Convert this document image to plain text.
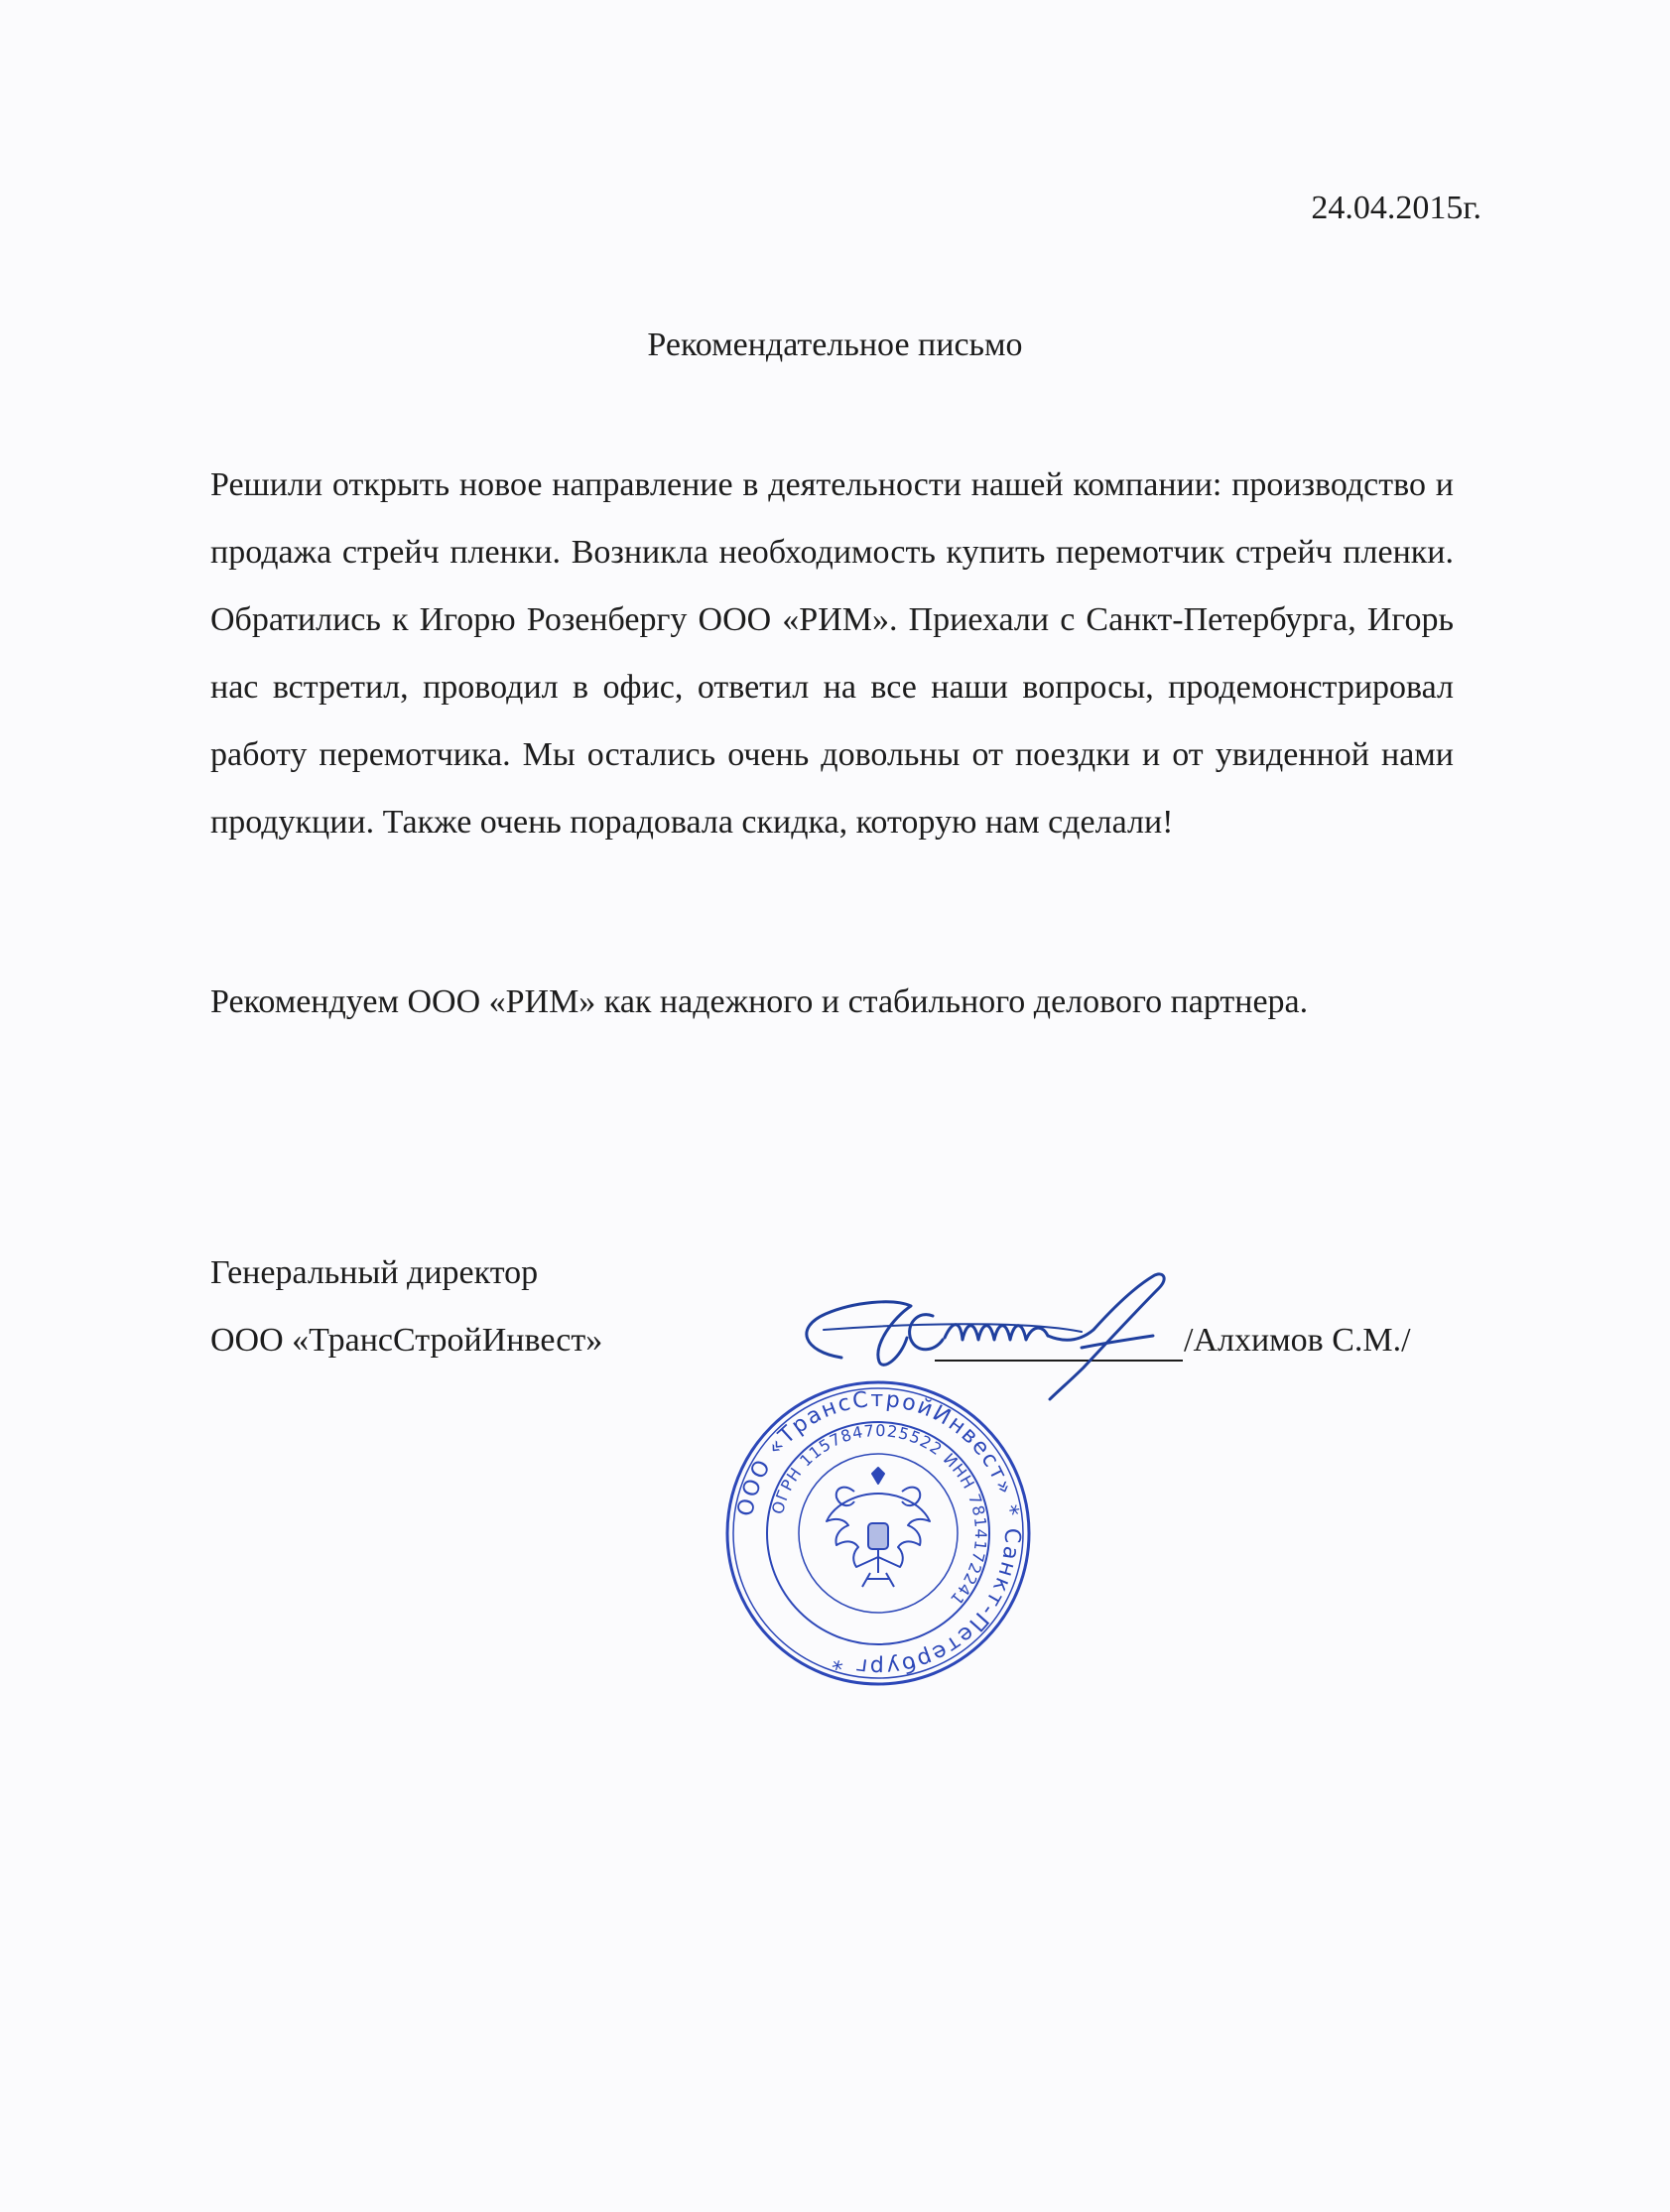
24.04.2015г.
Рекомендательное письмо

Решили открыть новое направление в деятельности нашей компании: производство и продажа стрейч пленки. Возникла необходимость купить перемотчик стрейч пленки. Обратились к Игорю Розенбергу ООО «РИМ». Приехали с Санкт-Петербурга, Игорь нас встретил, проводил в офис, ответил на все наши вопросы, продемонстрировал работу перемотчика. Мы остались очень довольны от поездки и от увиденной нами продукции. Также очень порадовала скидка, которую нам сделали!

Рекомендуем ООО «РИМ» как надежного и стабильного делового партнера.

Генеральный директор
ООО «ТрансСтройИнвест»	/Алхимов С.М./
ООО «ТрансСтройИнвест» * Санкт-Петербург *
ОГРН 1157847025522 ИНН 7814172241
